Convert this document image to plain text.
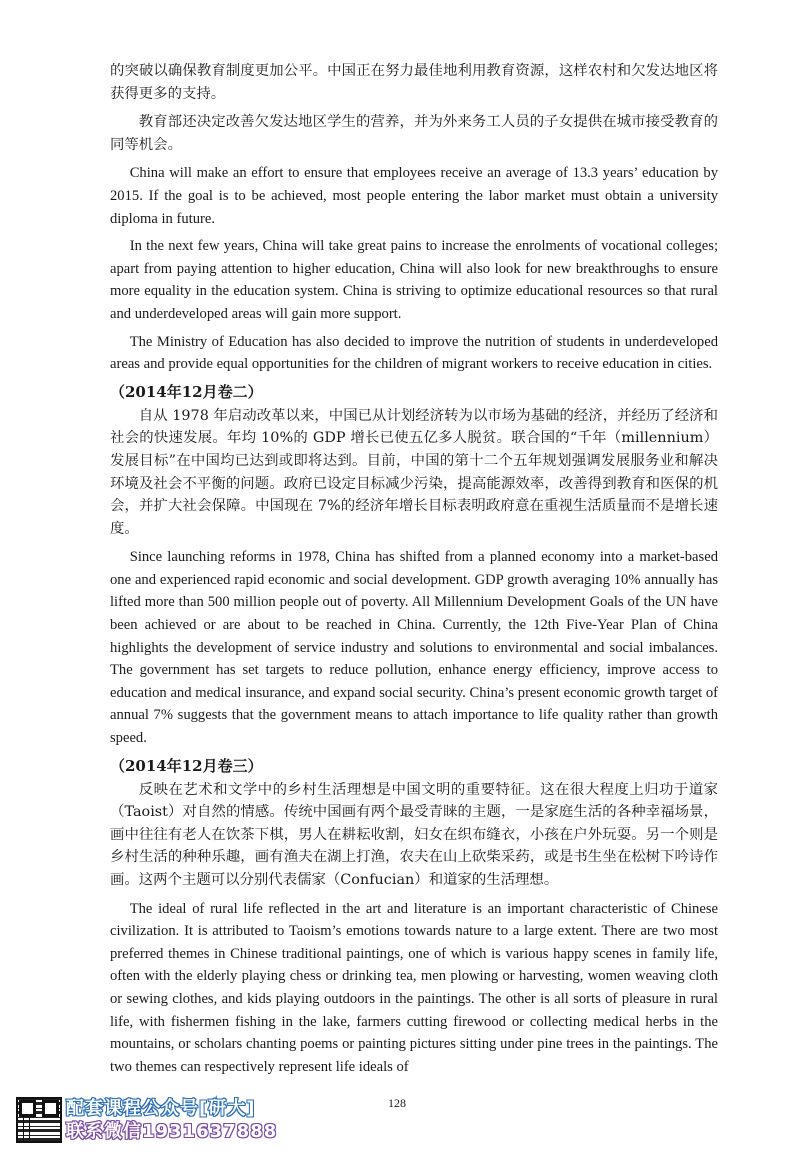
的突破以确保教育制度更加公平。中国正在努力最佳地利用教育资源，这样农村和欠发达地区将获得更多的支持。

教育部还决定改善欠发达地区学生的营养，并为外来务工人员的子女提供在城市接受教育的同等机会。

China will make an effort to ensure that employees receive an average of 13.3 years’ education by 2015. If the goal is to be achieved, most people entering the labor market must obtain a university diploma in future.

In the next few years, China will take great pains to increase the enrolments of vocational colleges; apart from paying attention to higher education, China will also look for new breakthroughs to ensure more equality in the education system. China is striving to optimize educational resources so that rural and underdeveloped areas will gain more support.

The Ministry of Education has also decided to improve the nutrition of students in underdeveloped areas and provide equal opportunities for the children of migrant workers to receive education in cities.

（2014年12月卷二）

自从 1978 年启动改革以来，中国已从计划经济转为以市场为基础的经济，并经历了经济和社会的快速发展。年均 10%的 GDP 增长已使五亿多人脱贫。联合国的“千年（millennium）发展目标”在中国均已达到或即将达到。目前，中国的第十二个五年规划强调发展服务业和解决环境及社会不平衡的问题。政府已设定目标减少污染，提高能源效率，改善得到教育和医保的机会，并扩大社会保障。中国现在 7%的经济年增长目标表明政府意在重视生活质量而不是增长速度。

Since launching reforms in 1978, China has shifted from a planned economy into a market-based one and experienced rapid economic and social development. GDP growth averaging 10% annually has lifted more than 500 million people out of poverty. All Millennium Development Goals of the UN have been achieved or are about to be reached in China. Currently, the 12th Five-Year Plan of China highlights the development of service industry and solutions to environmental and social imbalances. The government has set targets to reduce pollution, enhance energy efficiency, improve access to education and medical insurance, and expand social security. China’s present economic growth target of annual 7% suggests that the government means to attach importance to life quality rather than growth speed.

（2014年12月卷三）

反映在艺术和文学中的乡村生活理想是中国文明的重要特征。这在很大程度上归功于道家（Taoist）对自然的情感。传统中国画有两个最受青睐的主题，一是家庭生活的各种幸福场景，画中往往有老人在饮茶下棋，男人在耕耘收割，妇女在织布缝衣，小孩在户外玩耍。另一个则是乡村生活的种种乐趣，画有渔夫在湖上打渔，农夫在山上砍柴采药，或是书生坐在松树下吟诗作画。这两个主题可以分别代表儒家（Confucian）和道家的生活理想。

The ideal of rural life reflected in the art and literature is an important characteristic of Chinese civilization. It is attributed to Taoism’s emotions towards nature to a large extent. There are two most preferred themes in Chinese traditional paintings, one of which is various happy scenes in family life, often with the elderly playing chess or drinking tea, men plowing or harvesting, women weaving cloth or sewing clothes, and kids playing outdoors in the paintings. The other is all sorts of pleasure in rural life, with fishermen fishing in the lake, farmers cutting firewood or collecting medical herbs in the mountains, or scholars chanting poems or painting pictures sitting under pine trees in the paintings. The two themes can respectively represent life ideals of

配套课程公众号[研大]
联系微信1931637888
128
